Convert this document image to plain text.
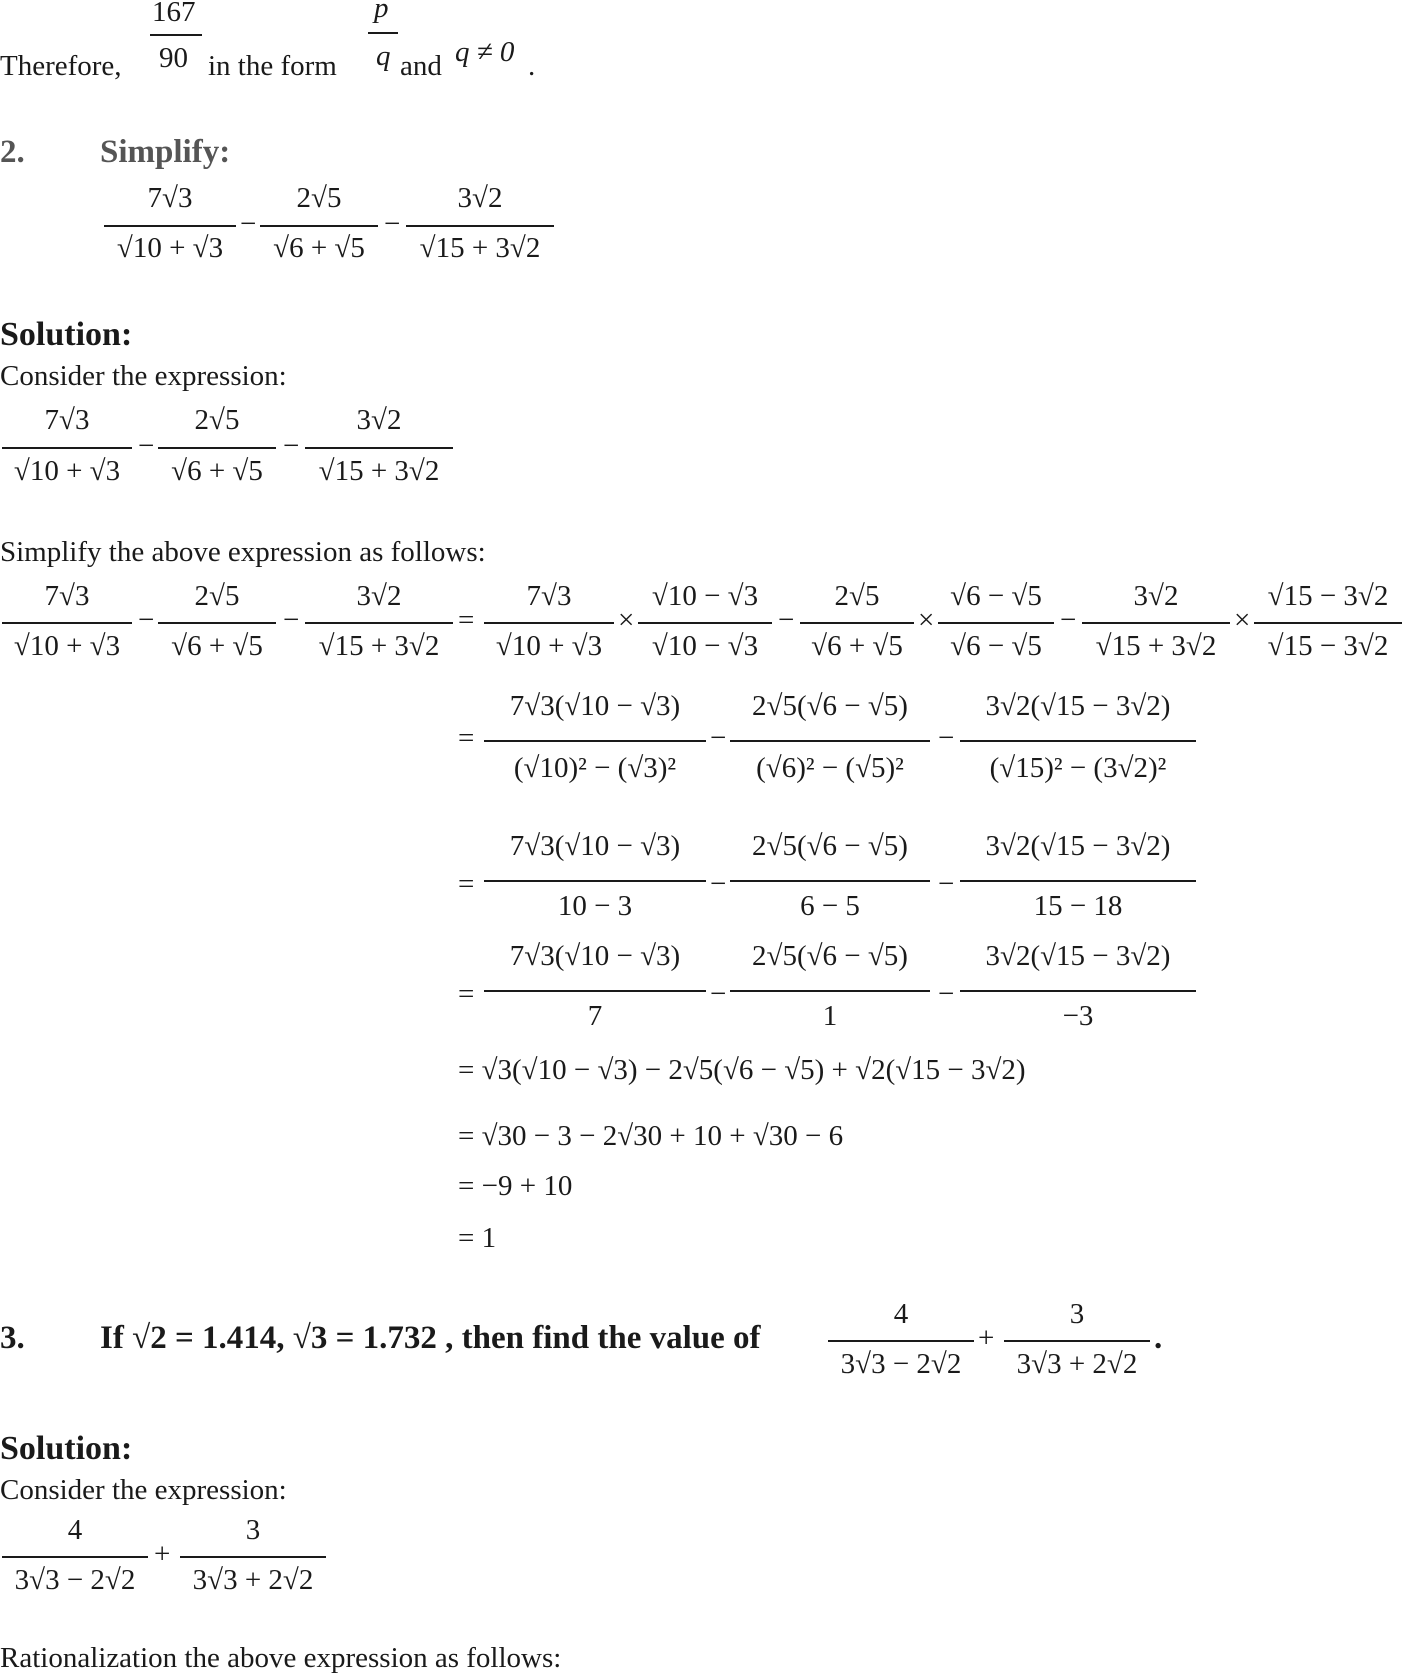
167
90
Therefore,	in the form
p
q and q ≠ 0 .
2. Simplify:
7√3
√10 + √3
−
2√5
√6 + √5
−
3√2
√15 + 3√2
Solution:
Consider the expression:
7√3
√10 + √3
−
2√5
√6 + √5
−
3√2
√15 + 3√2
Simplify the above expression as follows:
7√3
√10 + √3
−
2√5
√6 + √5
−
3√2
√15 + 3√2
=
7√3
√10 + √3
×
√10 − √3
√10 − √3
−
2√5
√6 + √5
×
√6 − √5
√6 − √5
−
3√2
√15 + 3√2
×
√15 − 3√2
√15 − 3√2
=
7√3(√10 − √3)
(√10)² − (√3)²
−
2√5(√6 − √5)
(√6)² − (√5)²
−
3√2(√15 − 3√2)
(√15)² − (3√2)²
=
7√3(√10 − √3)
10 − 3
−
2√5(√6 − √5)
6 − 5
−
3√2(√15 − 3√2)
15 − 18
=
7√3(√10 − √3)
7
−
2√5(√6 − √5)
1
−
3√2(√15 − 3√2)
−3
= √3(√10 − √3) − 2√5(√6 − √5) + √2(√15 − 3√2)
= √30 − 3 − 2√30 + 10 + √30 − 6
= −9 + 10
= 1
3. If √2 = 1.414, √3 = 1.732 , then find the value of
4
3√3 − 2√2
+
3
3√3 + 2√2
.
Solution:
Consider the expression:
4
3√3 − 2√2
+
3
3√3 + 2√2
Rationalization the above expression as follows:
